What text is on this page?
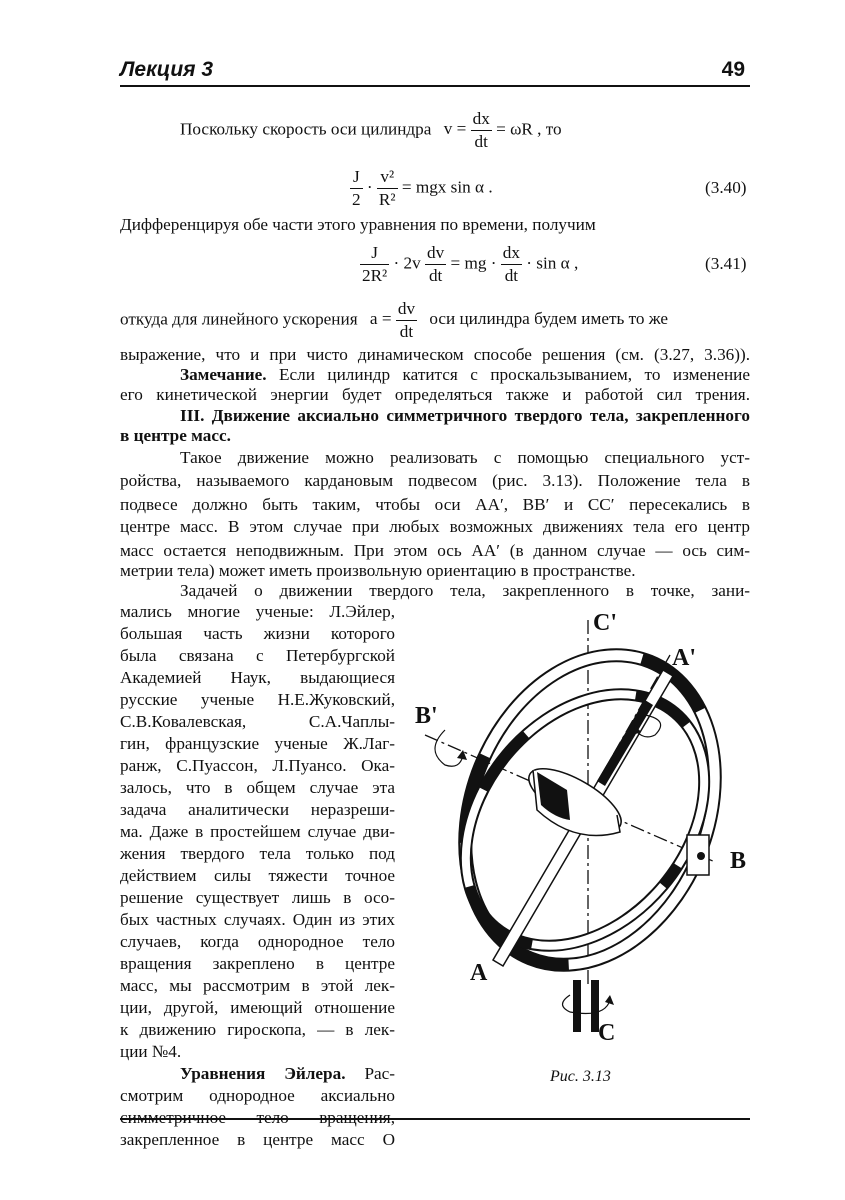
Лекция 3	49
Поскольку скорость оси цилиндра $v = \frac{dx}{dt} = \omega R$ , то
$\frac{J}{2} \cdot \frac{\text{v²}}{\text{R²}}$ = mgx sin α .	(3.40)
Дифференцируя обе части этого уравнения по времени, получим
$\frac{J}{\text{2R²}} \cdot 2v \frac{dv}{dt}$ = mg · $\frac{dx}{dt} \cdot \sin \alpha$ ,	(3.41)
откуда для линейного ускорения $a = \frac{dv}{dt}$ оси цилиндра будем иметь то же
выражение, что и при чисто динамическом способе решения (см. (3.27, 3.36)).
Замечание. Если цилиндр катится с проскальзыванием, то изменение
его кинетической энергии будет определяться также и работой сил трения.
III. Движение аксиально симметричного твердого тела, закрепленного
в центре масс.
Такое движение можно реализовать с помощью специального уст-
ройства, называемого кардановым подвесом (рис. 3.13). Положение тела в
подвесе должно быть таким, чтобы оси AA′, BB′ и CC′ пересекались в
центре масс. В этом случае при любых возможных движениях тела его центр
масс остается неподвижным. При этом ось AA′ (в данном случае — ось сим-
метрии тела) может иметь произвольную ориентацию в пространстве.
Задачей о движении твердого тела, закрепленного в точке, зани-
мались многие ученые: Л.Эйлер,
большая часть жизни которого
была связана с Петербургской
Академией Наук, выдающиеся
русские ученые Н.Е.Жуковский,
С.В.Ковалевская, С.А.Чаплы-
гин, французские ученые Ж.Лаг-
ранж, С.Пуассон, Л.Пуансо. Ока-
залось, что в общем случае эта
задача аналитически неразреши-
ма. Даже в простейшем случае дви-
жения твердого тела только под
действием силы тяжести точное
решение существует лишь в осо-
бых частных случаях. Один из этих
случаев, когда однородное тело
вращения закреплено в центре
масс, мы рассмотрим в этой лек-
ции, другой, имеющий отношение
к движению гироскопа, — в лек-
ции №4.
Уравнения Эйлера. Рас-
смотрим однородное аксиально
закрепленное в центре масс О
C'
A'
B'
B
A
C
Рис. 3.13
